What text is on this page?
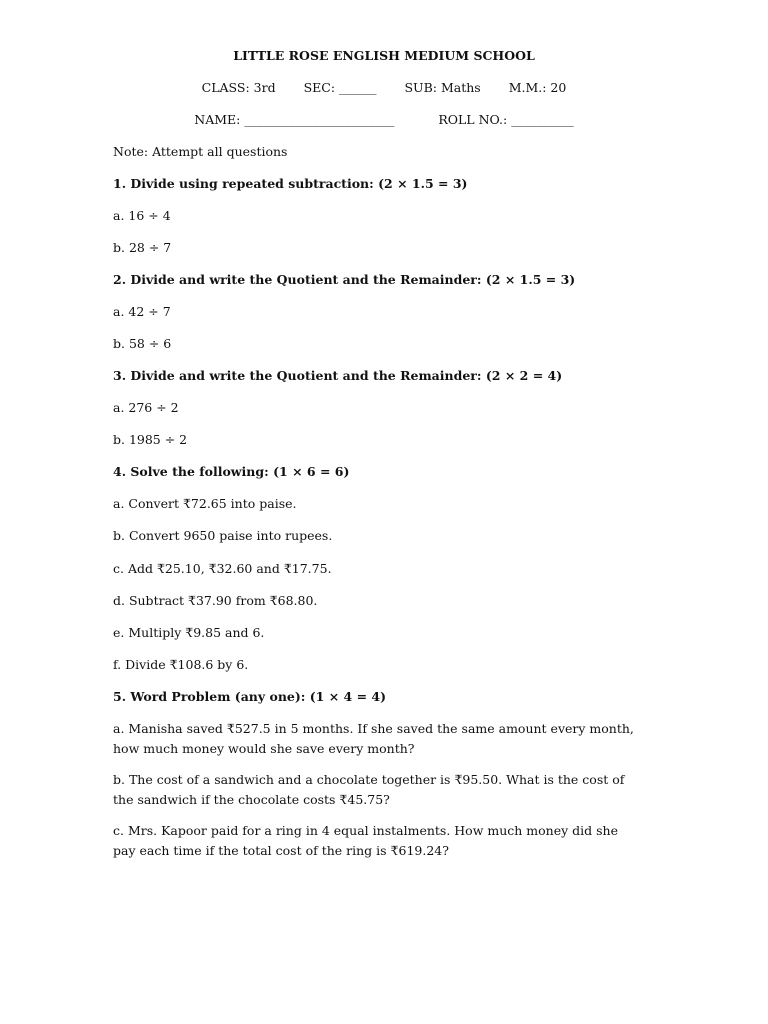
LITTLE ROSE ENGLISH MEDIUM SCHOOL
CLASS: 3rd SEC: ______ SUB: Maths M.M.: 20
NAME: ________________________	ROLL NO.: __________
Note: Attempt all questions
1. Divide using repeated subtraction: (2 × 1.5 = 3)
a. 16 ÷ 4
b. 28 ÷ 7
2. Divide and write the Quotient and the Remainder: (2 × 1.5 = 3)
a. 42 ÷ 7
b. 58 ÷ 6
3. Divide and write the Quotient and the Remainder: (2 × 2 = 4)
a. 276 ÷ 2
b. 1985 ÷ 2
4. Solve the following: (1 × 6 = 6)
a. Convert ₹72.65 into paise.
b. Convert 9650 paise into rupees.
c. Add ₹25.10, ₹32.60 and ₹17.75.
d. Subtract ₹37.90 from ₹68.80.
e. Multiply ₹9.85 and 6.
f. Divide ₹108.6 by 6.
5. Word Problem (any one): (1 × 4 = 4)
a. Manisha saved ₹527.5 in 5 months. If she saved the same amount every month, how much money would she save every month?
b. The cost of a sandwich and a chocolate together is ₹95.50. What is the cost of the sandwich if the chocolate costs ₹45.75?
c. Mrs. Kapoor paid for a ring in 4 equal instalments. How much money did she pay each time if the total cost of the ring is ₹619.24?
